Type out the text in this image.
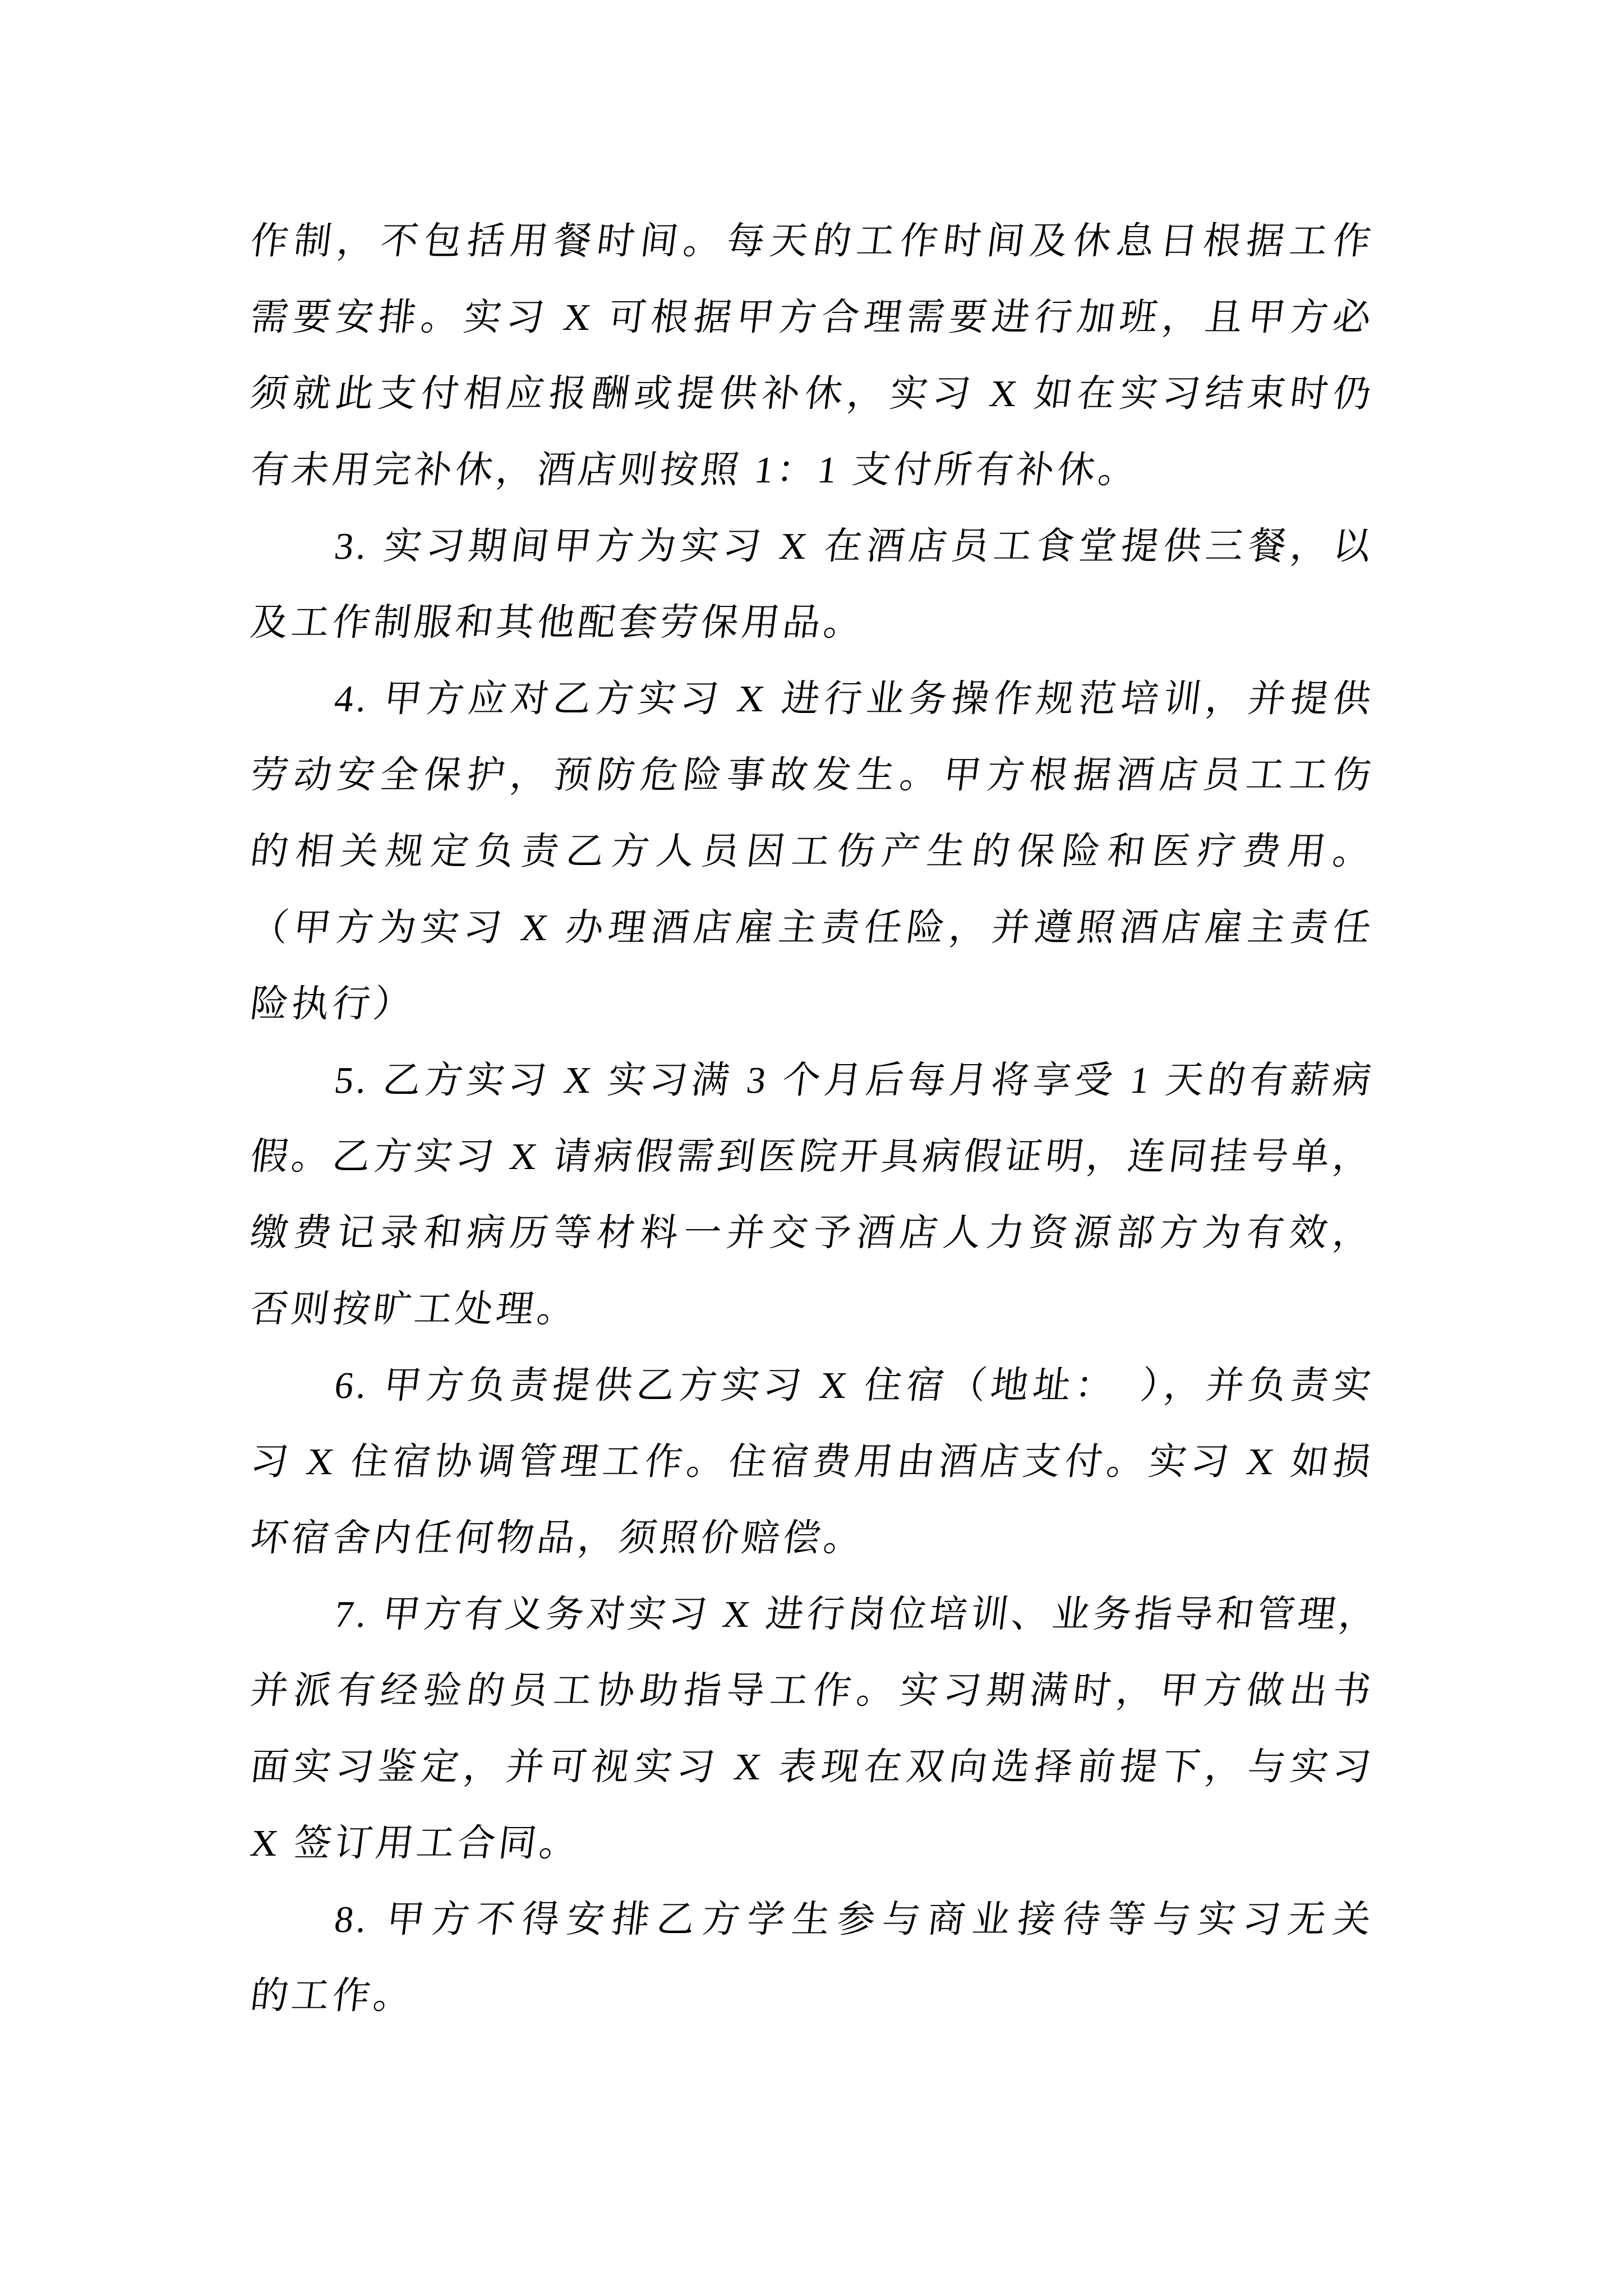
作制，不包括用餐时间。每天的工作时间及休息日根据工作
需要安排。实习 X 可根据甲方合理需要进行加班，且甲方必
须就此支付相应报酬或提供补休，实习 X 如在实习结束时仍
有未用完补休，酒店则按照 1：1 支付所有补休。
3. 实习期间甲方为实习 X 在酒店员工食堂提供三餐，以
及工作制服和其他配套劳保用品。
4. 甲方应对乙方实习 X 进行业务操作规范培训，并提供
劳动安全保护，预防危险事故发生。甲方根据酒店员工工伤
的相关规定负责乙方人员因工伤产生的保险和医疗费用。
（甲方为实习 X 办理酒店雇主责任险，并遵照酒店雇主责任
险执行）
5. 乙方实习 X 实习满 3 个月后每月将享受 1 天的有薪病
假。乙方实习 X 请病假需到医院开具病假证明，连同挂号单，
缴费记录和病历等材料一并交予酒店人力资源部方为有效，
否则按旷工处理。
6. 甲方负责提供乙方实习 X 住宿（地址：　），并负责实
习 X 住宿协调管理工作。住宿费用由酒店支付。实习 X 如损
坏宿舍内任何物品，须照价赔偿。
7. 甲方有义务对实习 X 进行岗位培训、业务指导和管理，
并派有经验的员工协助指导工作。实习期满时，甲方做出书
面实习鉴定，并可视实习 X 表现在双向选择前提下，与实习
X 签订用工合同。
8. 甲方不得安排乙方学生参与商业接待等与实习无关
的工作。
